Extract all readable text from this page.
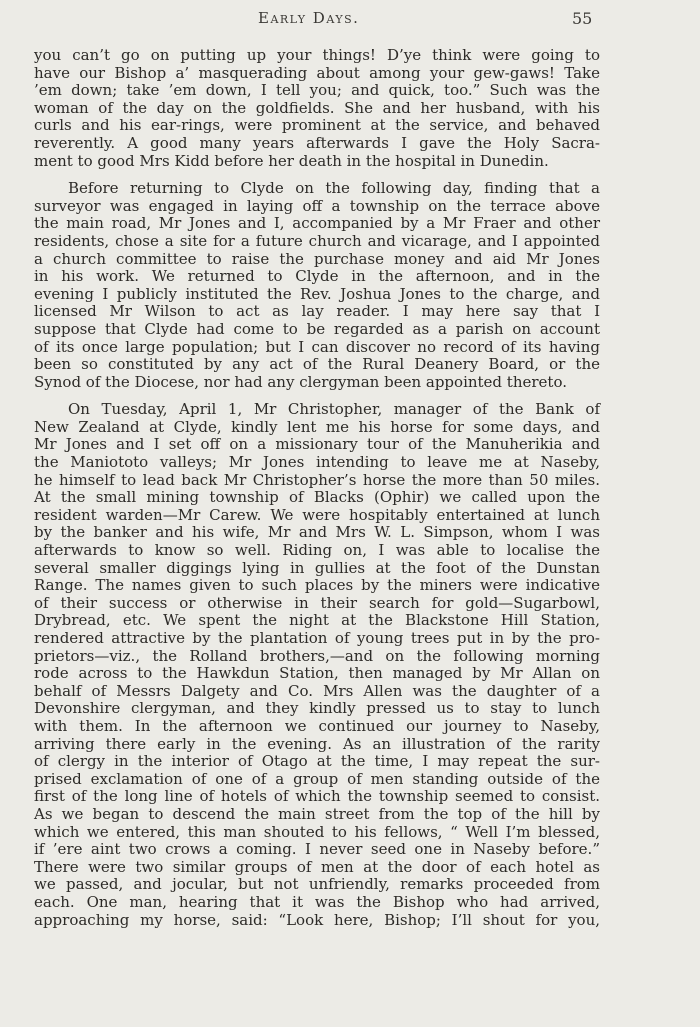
Early Days.	55
you can’t go on putting up your things! D’ye think were going to
have our Bishop a’ masquerading about among your gew-gaws! Take
’em down; take ’em down, I tell you; and quick, too.” Such was the
woman of the day on the goldfields. She and her husband, with his
curls and his ear-rings, were prominent at the service, and behaved
reverently. A good many years afterwards I gave the Holy Sacra-
ment to good Mrs Kidd before her death in the hospital in Dunedin.
Before returning to Clyde on the following day, finding that a
surveyor was engaged in laying off a township on the terrace above
the main road, Mr Jones and I, accompanied by a Mr Fraer and other
residents, chose a site for a future church and vicarage, and I appointed
a church committee to raise the purchase money and aid Mr Jones
in his work. We returned to Clyde in the afternoon, and in the
evening I publicly instituted the Rev. Joshua Jones to the charge, and
licensed Mr Wilson to act as lay reader. I may here say that I
suppose that Clyde had come to be regarded as a parish on account
of its once large population; but I can discover no record of its having
been so constituted by any act of the Rural Deanery Board, or the
Synod of the Diocese, nor had any clergyman been appointed thereto.
On Tuesday, April 1, Mr Christopher, manager of the Bank of
New Zealand at Clyde, kindly lent me his horse for some days, and
Mr Jones and I set off on a missionary tour of the Manuherikia and
the Maniototo valleys; Mr Jones intending to leave me at Naseby,
he himself to lead back Mr Christopher’s horse the more than 50 miles.
At the small mining township of Blacks (Ophir) we called upon the
resident warden—Mr Carew. We were hospitably entertained at lunch
by the banker and his wife, Mr and Mrs W. L. Simpson, whom I was
afterwards to know so well. Riding on, I was able to localise the
several smaller diggings lying in gullies at the foot of the Dunstan
Range. The names given to such places by the miners were indicative
of their success or otherwise in their search for gold—Sugarbowl,
Drybread, etc. We spent the night at the Blackstone Hill Station,
rendered attractive by the plantation of young trees put in by the pro-
prietors—viz., the Rolland brothers,—and on the following morning
rode across to the Hawkdun Station, then managed by Mr Allan on
behalf of Messrs Dalgety and Co. Mrs Allen was the daughter of a
Devonshire clergyman, and they kindly pressed us to stay to lunch
with them. In the afternoon we continued our journey to Naseby,
arriving there early in the evening. As an illustration of the rarity
of clergy in the interior of Otago at the time, I may repeat the sur-
prised exclamation of one of a group of men standing outside of the
first of the long line of hotels of which the township seemed to consist.
As we began to descend the main street from the top of the hill by
which we entered, this man shouted to his fellows, “ Well I’m blessed,
if ’ere aint two crows a coming. I never seed one in Naseby before.”
There were two similar groups of men at the door of each hotel as
we passed, and jocular, but not unfriendly, remarks proceeded from
each. One man, hearing that it was the Bishop who had arrived,
approaching my horse, said: “Look here, Bishop; I’ll shout for you,
